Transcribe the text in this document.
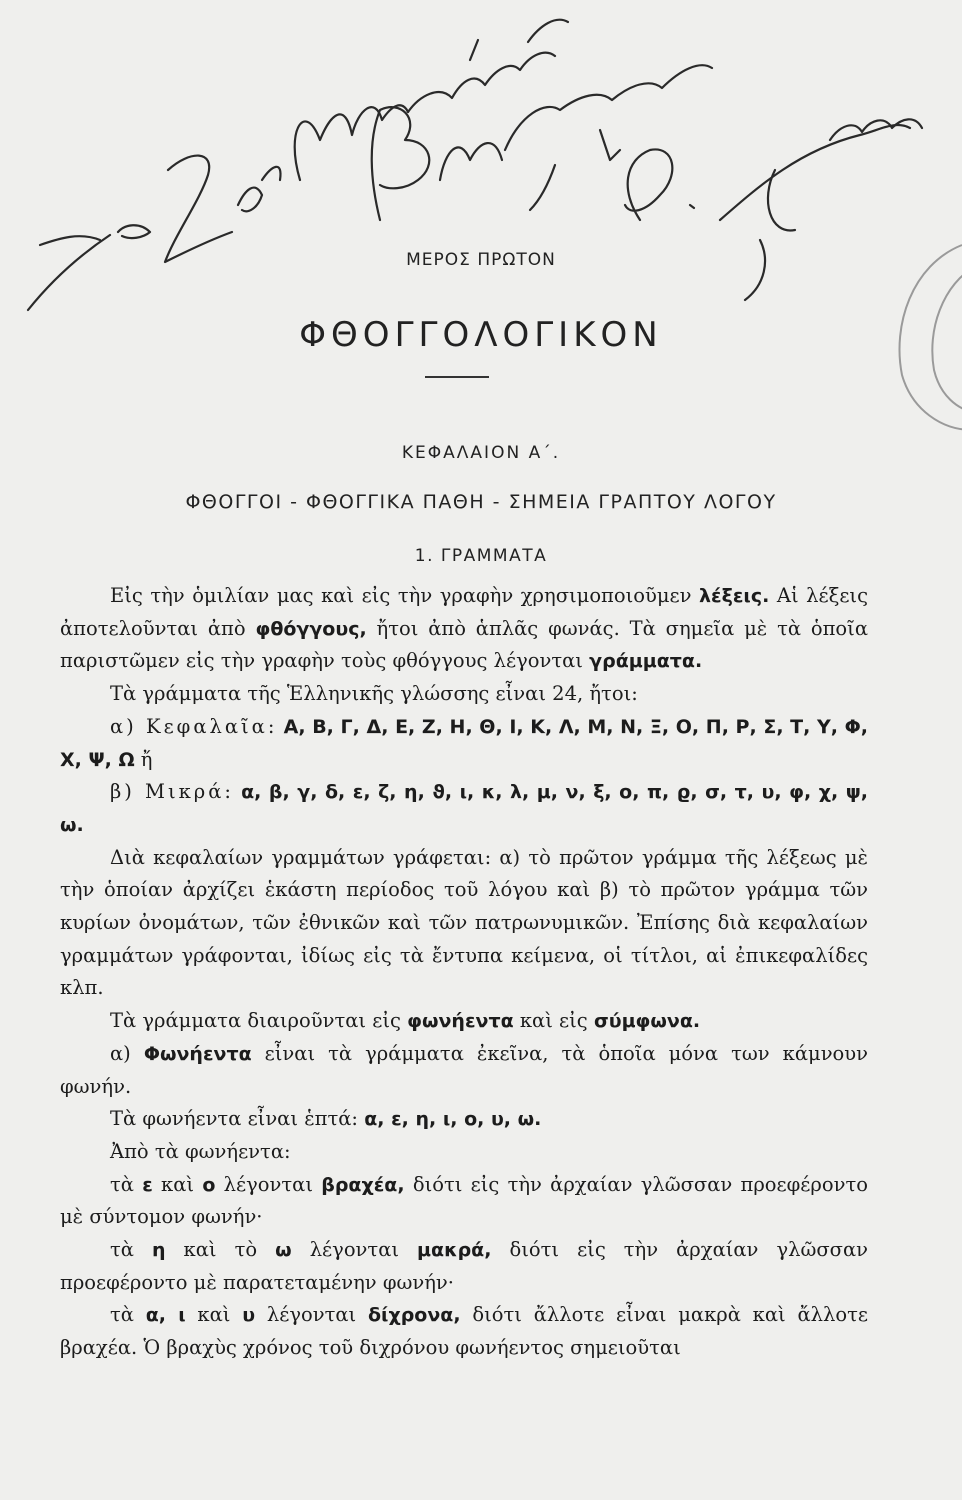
ΜΕΡΟΣ ΠΡΩΤΟΝ
ΦΘΟΓΓΟΛΟΓΙΚΟΝ
ΚΕΦΑΛΑΙΟΝ Α΄.
ΦΘΟΓΓΟΙ - ΦΘΟΓΓΙΚΑ ΠΑΘΗ - ΣΗΜΕΙΑ ΓΡΑΠΤΟΥ ΛΟΓΟΥ
1. ΓΡΑΜΜΑΤΑ

Εἰς τὴν ὁμιλίαν μας καὶ εἰς τὴν γραφὴν χρησιμοποιοῦμεν λέξεις. Αἱ λέξεις ἀποτελοῦνται ἀπὸ φθόγγους, ἤτοι ἀπὸ ἁπλᾶς φωνάς. Τὰ σημεῖα μὲ τὰ ὁποῖα παριστῶμεν εἰς τὴν γραφὴν τοὺς φθόγγους λέγονται γράμματα.

Τὰ γράμματα τῆς Ἑλληνικῆς γλώσσης εἶναι 24, ἤτοι:

α) Κεφαλαῖα: Α, Β, Γ, Δ, Ε, Ζ, Η, Θ, Ι, Κ, Λ, Μ, Ν, Ξ, Ο, Π, Ρ, Σ, Τ, Υ, Φ, Χ, Ψ, Ω ἤ

β) Μικρά: α, β, γ, δ, ε, ζ, η, ϑ, ι, κ, λ, μ, ν, ξ, ο, π, ϱ, σ, τ, υ, φ, χ, ψ, ω.

Διὰ κεφαλαίων γραμμάτων γράφεται: α) τὸ πρῶτον γράμμα τῆς λέξεως μὲ τὴν ὁποίαν ἀρχίζει ἑκάστη περίοδος τοῦ λόγου καὶ β) τὸ πρῶτον γράμμα τῶν κυρίων ὀνομάτων, τῶν ἐθνικῶν καὶ τῶν πατρωνυμικῶν. Ἐπίσης διὰ κεφαλαίων γραμμάτων γράφονται, ἰδίως εἰς τὰ ἔντυπα κείμενα, οἱ τίτλοι, αἱ ἐπικεφαλίδες κλπ.

Τὰ γράμματα διαιροῦνται εἰς φωνήεντα καὶ εἰς σύμφωνα.

α) Φωνήεντα εἶναι τὰ γράμματα ἐκεῖνα, τὰ ὁποῖα μόνα των κάμνουν φωνήν.

Τὰ φωνήεντα εἶναι ἑπτά: α, ε, η, ι, ο, υ, ω.

Ἀπὸ τὰ φωνήεντα:

τὰ ε καὶ ο λέγονται βραχέα, διότι εἰς τὴν ἀρχαίαν γλῶσσαν προεφέροντο μὲ σύντομον φωνήν·

τὰ η καὶ τὸ ω λέγονται μακρά, διότι εἰς τὴν ἀρχαίαν γλῶσσαν προεφέροντο μὲ παρατεταμένην φωνήν·

τὰ α, ι καὶ υ λέγονται δίχρονα, διότι ἄλλοτε εἶναι μακρὰ καὶ ἄλλοτε βραχέα. Ὁ βραχὺς χρόνος τοῦ διχρόνου φωνήεντος σημειοῦται
